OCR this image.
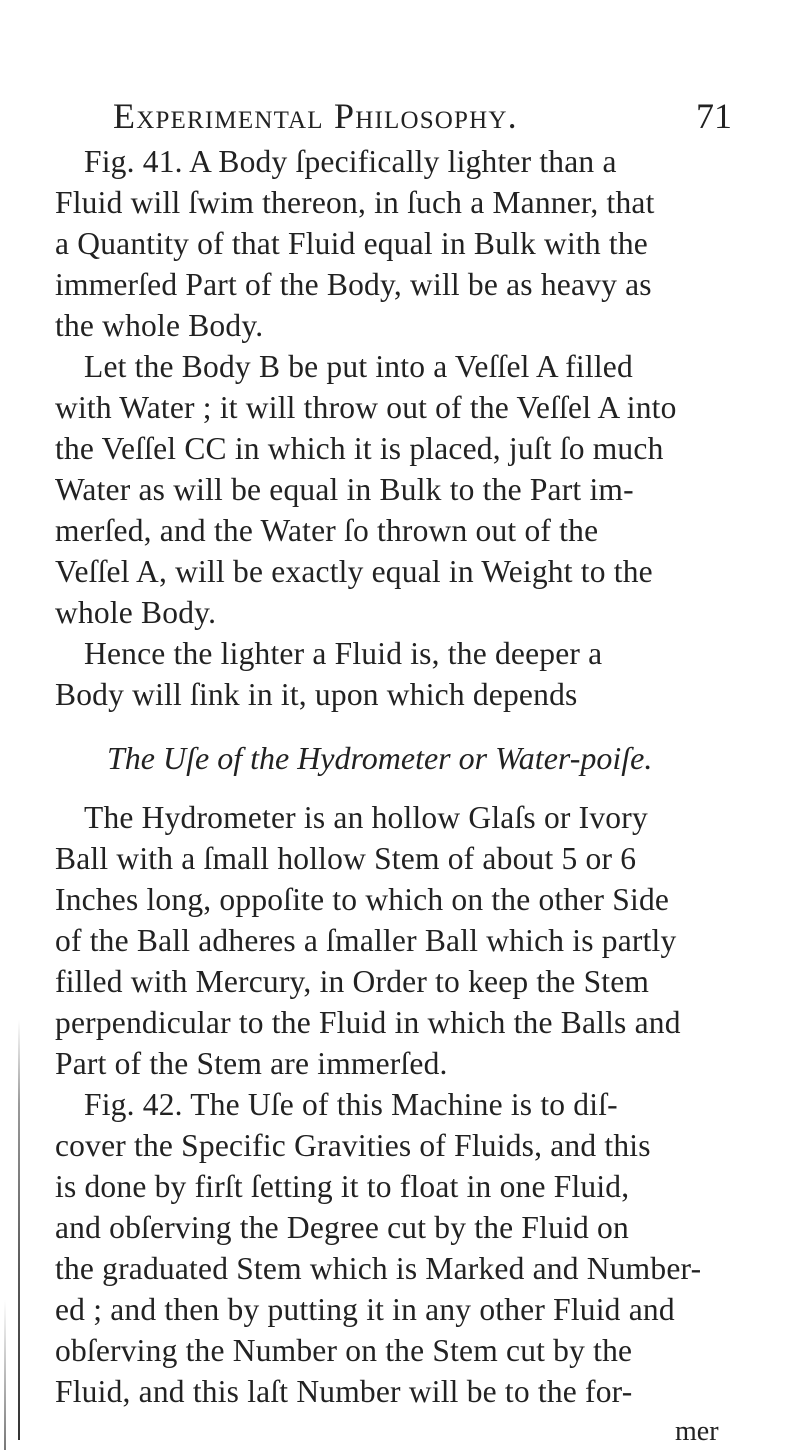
Experimental Philosophy.	71
Fig. 41. A Body ſpecifically lighter than a
Fluid will ſwim thereon, in ſuch a Manner, that
a Quantity of that Fluid equal in Bulk with the
immerſed Part of the Body, will be as heavy as
the whole Body.
Let the Body B be put into a Veſſel A filled
with Water ; it will throw out of the Veſſel A into
the Veſſel CC in which it is placed, juſt ſo much
Water as will be equal in Bulk to the Part im-
merſed, and the Water ſo thrown out of the
Veſſel A, will be exactly equal in Weight to the
whole Body.
Hence the lighter a Fluid is, the deeper a
Body will ſink in it, upon which depends
The Uſe of the Hydrometer or Water-poiſe.
The Hydrometer is an hollow Glaſs or Ivory
Ball with a ſmall hollow Stem of about 5 or 6
Inches long, oppoſite to which on the other Side
of the Ball adheres a ſmaller Ball which is partly
filled with Mercury, in Order to keep the Stem
perpendicular to the Fluid in which the Balls and
Part of the Stem are immerſed.
Fig. 42. The Uſe of this Machine is to diſ-
cover the Specific Gravities of Fluids, and this
is done by firſt ſetting it to float in one Fluid,
and obſerving the Degree cut by the Fluid on
the graduated Stem which is Marked and Number-
ed ; and then by putting it in any other Fluid and
obſerving the Number on the Stem cut by the
Fluid, and this laſt Number will be to the for-
mer
